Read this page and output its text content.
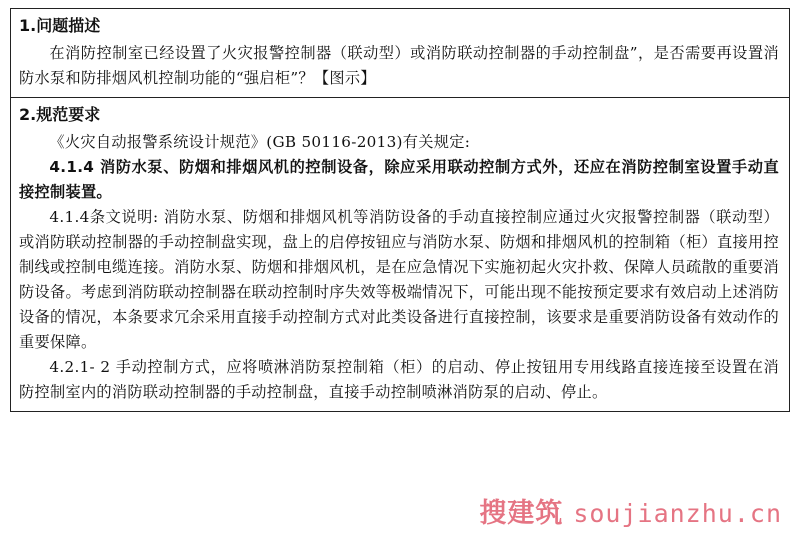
1.问题描述

在消防控制室已经设置了火灾报警控制器（联动型）或消防联动控制器的手动控制盘”，是否需要再设置消防水泵和防排烟风机控制功能的“强启柜”？【图示】

2.规范要求

《火灾自动报警系统设计规范》(GB 50116-2013)有关规定:

4.1.4 消防水泵、防烟和排烟风机的控制设备，除应采用联动控制方式外，还应在消防控制室设置手动直接控制装置。

4.1.4条文说明: 消防水泵、防烟和排烟风机等消防设备的手动直接控制应通过火灾报警控制器（联动型）或消防联动控制器的手动控制盘实现，盘上的启停按钮应与消防水泵、防烟和排烟风机的控制箱（柜）直接用控制线或控制电缆连接。消防水泵、防烟和排烟风机，是在应急情况下实施初起火灾扑救、保障人员疏散的重要消防设备。考虑到消防联动控制器在联动控制时序失效等极端情况下，可能出现不能按预定要求有效启动上述消防设备的情况，本条要求冗余采用直接手动控制方式对此类设备进行直接控制，该要求是重要消防设备有效动作的重要保障。

4.2.1- 2 手动控制方式，应将喷淋消防泵控制箱（柜）的启动、停止按钮用专用线路直接连接至设置在消防控制室内的消防联动控制器的手动控制盘，直接手动控制喷淋消防泵的启动、停止。

搜建筑 soujianzhu.cn
